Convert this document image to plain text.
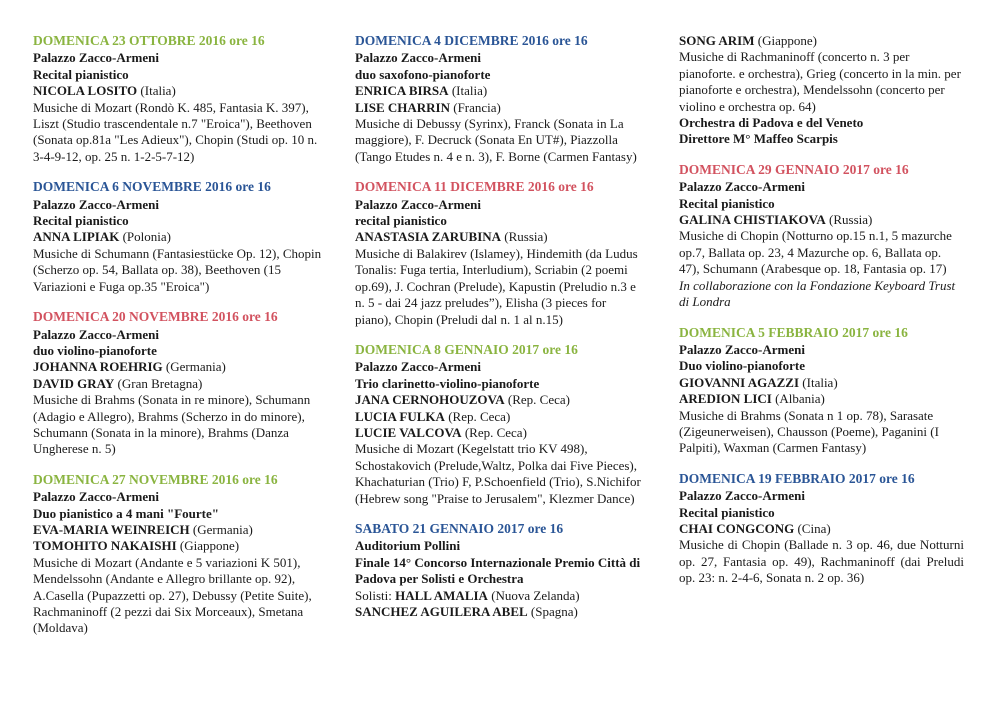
DOMENICA 23 OTTOBRE 2016 ore 16
Palazzo Zacco-Armeni
Recital pianistico
NICOLA LOSITO (Italia)
Musiche di Mozart (Rondò K. 485, Fantasia K. 397), Liszt (Studio trascendentale n.7 "Eroica"), Beethoven (Sonata op.81a "Les Adieux"), Chopin (Studi op. 10 n. 3-4-9-12, op. 25 n. 1-2-5-7-12)
DOMENICA 6 NOVEMBRE 2016 ore 16
Palazzo Zacco-Armeni
Recital pianistico
ANNA LIPIAK (Polonia)
Musiche di Schumann (Fantasiestücke Op. 12), Chopin (Scherzo op. 54, Ballata op. 38), Beethoven (15 Variazioni e Fuga op.35 "Eroica")
DOMENICA 20 NOVEMBRE 2016 ore 16
Palazzo Zacco-Armeni
duo violino-pianoforte
JOHANNA ROEHRIG (Germania)
DAVID GRAY (Gran Bretagna)
Musiche di Brahms (Sonata in re minore), Schumann (Adagio e Allegro), Brahms (Scherzo in do minore), Schumann (Sonata in la minore), Brahms (Danza Ungherese n. 5)
DOMENICA 27 NOVEMBRE 2016 ore 16
Palazzo Zacco-Armeni
Duo pianistico a 4 mani "Fourte"
EVA-MARIA WEINREICH (Germania)
TOMOHITO NAKAISHI (Giappone)
Musiche di Mozart (Andante e 5 variazioni K 501), Mendelssohn (Andante e Allegro brillante op. 92), A.Casella (Pupazzetti op. 27), Debussy (Petite Suite), Rachmaninoff (2 pezzi dai Six Morceaux), Smetana (Moldava)
DOMENICA 4 DICEMBRE 2016 ore 16
Palazzo Zacco-Armeni
duo saxofono-pianoforte
ENRICA BIRSA (Italia)
LISE CHARRIN (Francia)
Musiche di Debussy (Syrinx), Franck (Sonata in La maggiore), F. Decruck (Sonata En UT#), Piazzolla (Tango Etudes n. 4 e n. 3), F. Borne (Carmen Fantasy)
DOMENICA 11 DICEMBRE 2016 ore 16
Palazzo Zacco-Armeni
recital pianistico
ANASTASIA ZARUBINA (Russia)
Musiche di Balakirev (Islamey), Hindemith (da Ludus Tonalis: Fuga tertia, Interludium), Scriabin (2 poemi op.69), J. Cochran (Prelude), Kapustin (Preludio n.3 e n. 5 - dai 24 jazz preludes”), Elisha (3 pieces for piano), Chopin (Preludi dal n. 1 al n.15)
DOMENICA 8 GENNAIO 2017 ore 16
Palazzo Zacco-Armeni
Trio clarinetto-violino-pianoforte
JANA CERNOHOUZOVA (Rep. Ceca)
LUCIA FULKA (Rep. Ceca)
LUCIE VALCOVA (Rep. Ceca)
Musiche di Mozart (Kegelstatt trio KV 498), Schostakovich (Prelude,Waltz, Polka dai Five Pieces), Khachaturian (Trio) F, P.Schoenfield (Trio), S.Nichifor (Hebrew song "Praise to Jerusalem", Klezmer Dance)
SABATO 21 GENNAIO 2017 ore 16
Auditorium Pollini
Finale 14° Concorso Internazionale Premio Città di Padova per Solisti e Orchestra
Solisti: HALL AMALIA (Nuova Zelanda)
SANCHEZ AGUILERA ABEL (Spagna)
SONG ARIM (Giappone)
Musiche di Rachmaninoff (concerto n. 3 per pianoforte. e orchestra), Grieg (concerto in la min. per pianoforte e orchestra), Mendelssohn (concerto per violino e orchestra op. 64)
Orchestra di Padova e del Veneto
Direttore M° Maffeo Scarpis
DOMENICA 29 GENNAIO 2017 ore 16
Palazzo Zacco-Armeni
Recital pianistico
GALINA CHISTIAKOVA (Russia)
Musiche di Chopin (Notturno op.15 n.1, 5 mazurche op.7, Ballata op. 23, 4 Mazurche op. 6, Ballata op. 47), Schumann (Arabesque op. 18, Fantasia op. 17)
In collaborazione con la Fondazione Keyboard Trust di Londra
DOMENICA 5 FEBBRAIO 2017 ore 16
Palazzo Zacco-Armeni
Duo violino-pianoforte
GIOVANNI AGAZZI (Italia)
AREDION LICI (Albania)
Musiche di Brahms (Sonata n 1 op. 78), Sarasate (Zigeunerweisen), Chausson (Poeme), Paganini (I Palpiti), Waxman (Carmen Fantasy)
DOMENICA 19 FEBBRAIO 2017 ore 16
Palazzo Zacco-Armeni
Recital pianistico
CHAI CONGCONG (Cina)
Musiche di Chopin (Ballade n. 3 op. 46, due Notturni op. 27, Fantasia op. 49), Rachmaninoff (dai Preludi op. 23: n. 2-4-6, Sonata n. 2 op. 36)
